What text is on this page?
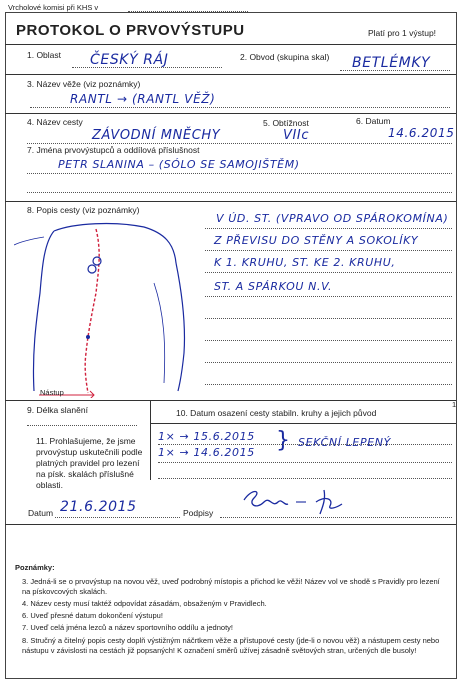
Vrcholové komisi při KHS v
PROTOKOL O PRVOVÝSTUPU	Platí pro 1 výstup!
1. Oblast ČESKÝ RÁJ	2. Obvod (skupina skal) BETLÉMKY
3. Název věže (viz poznámky)
RANTL → (RANTL VĚŽ)
4. Název cesty
ZÁVODNÍ MNĚCHY
5. Obtížnost
VIIc
6. Datum
14.6.2015
7. Jména prvovýstupců a oddílová příslušnost
PETR SLANINA – (SÓLO SE SAMOJIŠTĚM)
8. Popis cesty (viz poznámky)
Nástup
V ÚD. ST. (VPRAVO OD SPÁROKOMÍNA)
Z PŘEVISU DO STĚNY A SOKOLÍKY
K 1. KRUHU, ST. KE 2. KRUHU,
ST. A SPÁRKOU N.V.
9. Délka slanění	10. Datum osazení cesty stabiln. kruhy a jejich původ
1× → 15.6.2015
1× → 14.6.2015 } SEKČNÍ LEPENÝ
11. Prohlašujeme, že jsme prvovýstup uskutečnili podle platných pravidel pro lezení na písk. skalách příslušné oblasti.
Datum 21.6.2015	Podpisy
Poznámky:
3. Jedná-li se o prvovýstup na novou věž, uveď podrobný místopis a přichod ke věži! Název vol ve shodě s Pravidly pro lezení na pískovcových skalách.
4. Název cesty musí taktéž odpovídat zásadám, obsaženým v Pravidlech.
6. Uveď přesné datum dokončení výstupu!
7. Uveď celá jména lezců a název sportovního oddílu a jednoty!
8. Stručný a čitelný popis cesty doplň výstižným náčrtkem věže a přístupové cesty (jde-li o novou věž) a nástupem cesty nebo nástupu v závislosti na cestách již popsaných! K označení směrů užívej zásadně světových stran, určených dle busoly!
1
